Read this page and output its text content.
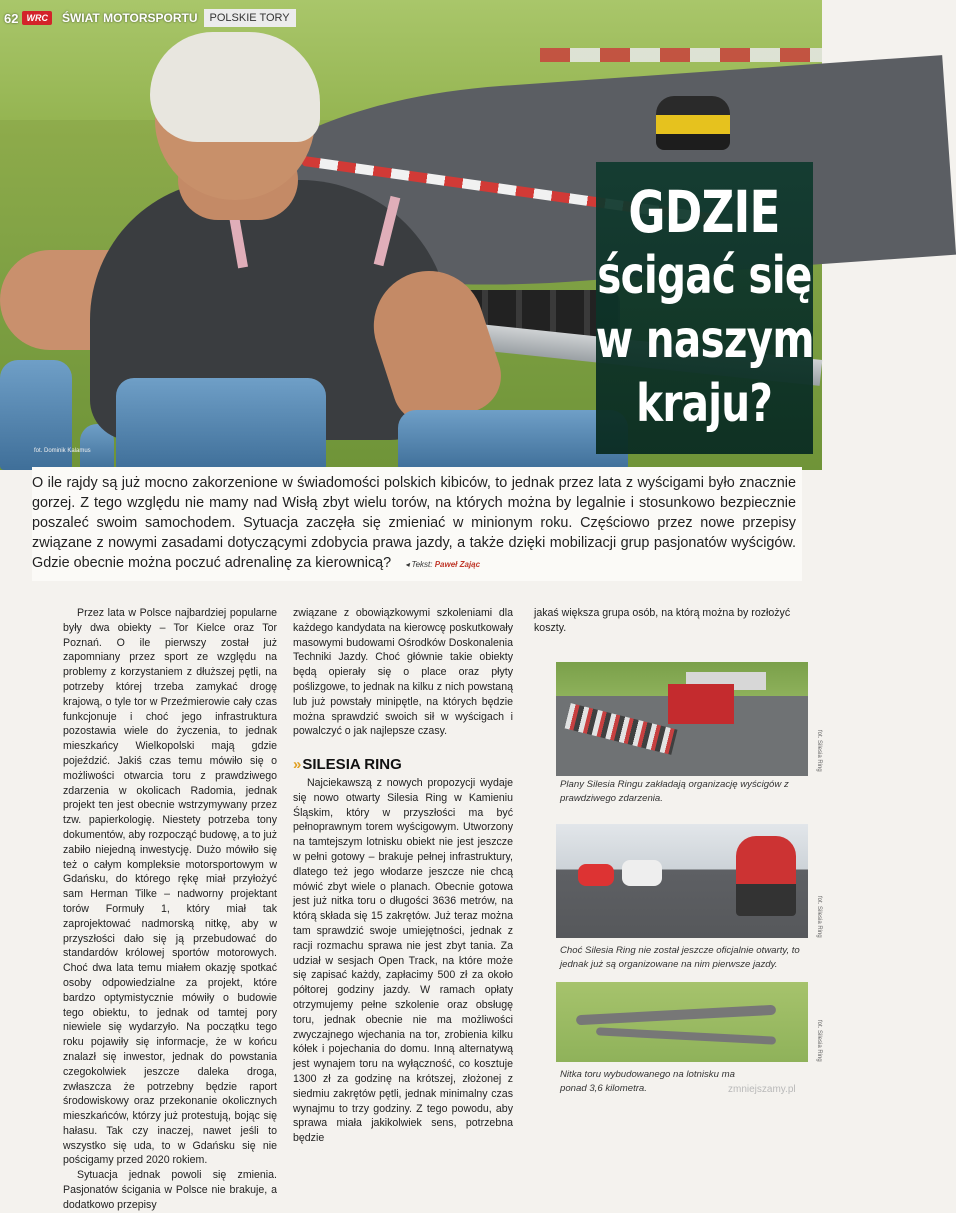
fot. Dominik Kalamus
62 WRC	ŚWIAT MOTORSPORTU	POLSKIE TORY
GDZIE
ścigać się
w naszym
kraju?
O ile rajdy są już mocno zakorzenione w świadomości polskich kibiców, to jednak przez lata z wyścigami było znacznie gorzej. Z tego względu nie mamy nad Wisłą zbyt wielu torów, na których można by legalnie i stosunkowo bezpiecznie poszaleć swoim samochodem. Sytuacja zaczęła się zmieniać w minionym roku. Częściowo przez nowe przepisy związane z nowymi zasadami dotyczącymi zdobycia prawa jazdy, a także dzięki mobilizacji grup pasjonatów wyścigów. Gdzie obecnie można poczuć adrenalinę za kierownicą? ◂ Tekst: Paweł Zając

Przez lata w Polsce najbardziej popularne były dwa obiekty – Tor Kielce oraz Tor Poznań. O ile pierwszy został już zapomniany przez sport ze względu na problemy z korzystaniem z dłuższej pętli, na potrzeby której trzeba zamykać drogę krajową, o tyle tor w Przeźmierowie cały czas funkcjonuje i choć jego infrastruktura pozostawia wiele do życzenia, to jednak mieszkańcy Wielkopolski mają gdzie pojeździć. Jakiś czas temu mówiło się o możliwości otwarcia toru z prawdziwego zdarzenia w okolicach Radomia, jednak projekt ten jest obecnie wstrzymywany przez tzw. papierkologię. Niestety potrzeba tony dokumentów, aby rozpocząć budowę, a to już zabiło niejedną inwestycję. Dużo mówiło się też o całym kompleksie motorsportowym w Gdańsku, do którego rękę miał przyłożyć sam Herman Tilke – nadworny projektant torów Formuły 1, który miał tak zaprojektować nadmorską nitkę, aby w przyszłości dało się ją przebudować do standardów królowej sportów motorowych. Choć dwa lata temu miałem okazję spotkać osoby odpowiedzialne za projekt, które bardzo optymistycznie mówiły o budowie tego obiektu, to jednak od tamtej pory niewiele się wydarzyło. Na początku tego roku pojawiły się informacje, że w końcu znalazł się inwestor, jednak do powstania czegokolwiek jeszcze daleka droga, zwłaszcza że potrzebny będzie raport środowiskowy oraz przekonanie okolicznych mieszkańców, którzy już protestują, bojąc się hałasu. Tak czy inaczej, nawet jeśli to wszystko się uda, to w Gdańsku się nie pościgamy przed 2020 rokiem.

Sytuacja jednak powoli się zmienia. Pasjonatów ścigania w Polsce nie brakuje, a dodatkowo przepisy

związane z obowiązkowymi szkoleniami dla każdego kandydata na kierowcę poskutkowały masowymi budowami Ośrodków Doskonalenia Techniki Jazdy. Choć głównie takie obiekty będą opierały się o place oraz płyty poślizgowe, to jednak na kilku z nich powstaną lub już powstały minipętle, na których będzie można sprawdzić swoich sił w wyścigach i powalczyć o jak najlepsze czasy.

» SILESIA RING

Najciekawszą z nowych propozycji wydaje się nowo otwarty Silesia Ring w Kamieniu Śląskim, który w przyszłości ma być pełnoprawnym torem wyścigowym. Utworzony na tamtejszym lotnisku obiekt nie jest jeszcze w pełni gotowy – brakuje pełnej infrastruktury, dlatego też jego włodarze jeszcze nie chcą mówić zbyt wiele o planach. Obecnie gotowa jest już nitka toru o długości 3636 metrów, na którą składa się 15 zakrętów. Już teraz można tam sprawdzić swoje umiejętności, jednak z racji rozmachu sprawa nie jest zbyt tania. Za udział w sesjach Open Track, na które może się zapisać każdy, zapłacimy 500 zł za około półtorej godziny jazdy. W ramach opłaty otrzymujemy pełne szkolenie oraz obsługę toru, jednak obecnie nie ma możliwości zwyczajnego wjechania na tor, zrobienia kilku kółek i pojechania do domu. Inną alternatywą jest wynajem toru na wyłączność, co kosztuje 1300 zł za godzinę na krótszej, złożonej z siedmiu zakrętów pętli, jednak minimalny czas wynajmu to trzy godziny. Z tego powodu, aby sprawa miała jakikolwiek sens, potrzebna będzie

jakaś większa grupa osób, na którą można by rozłożyć koszty.

fot. Silesia Ring
Plany Silesia Ringu zakładają organizację wyścigów z prawdziwego zdarzenia.
fot. Silesia Ring
Choć Silesia Ring nie został jeszcze oficjalnie otwarty, to jednak już są organizowane na nim pierwsze jazdy.
fot. Silesia Ring
Nitka toru wybudowanego na lotnisku ma ponad 3,6 kilometra.	zmniejszamy.pl
